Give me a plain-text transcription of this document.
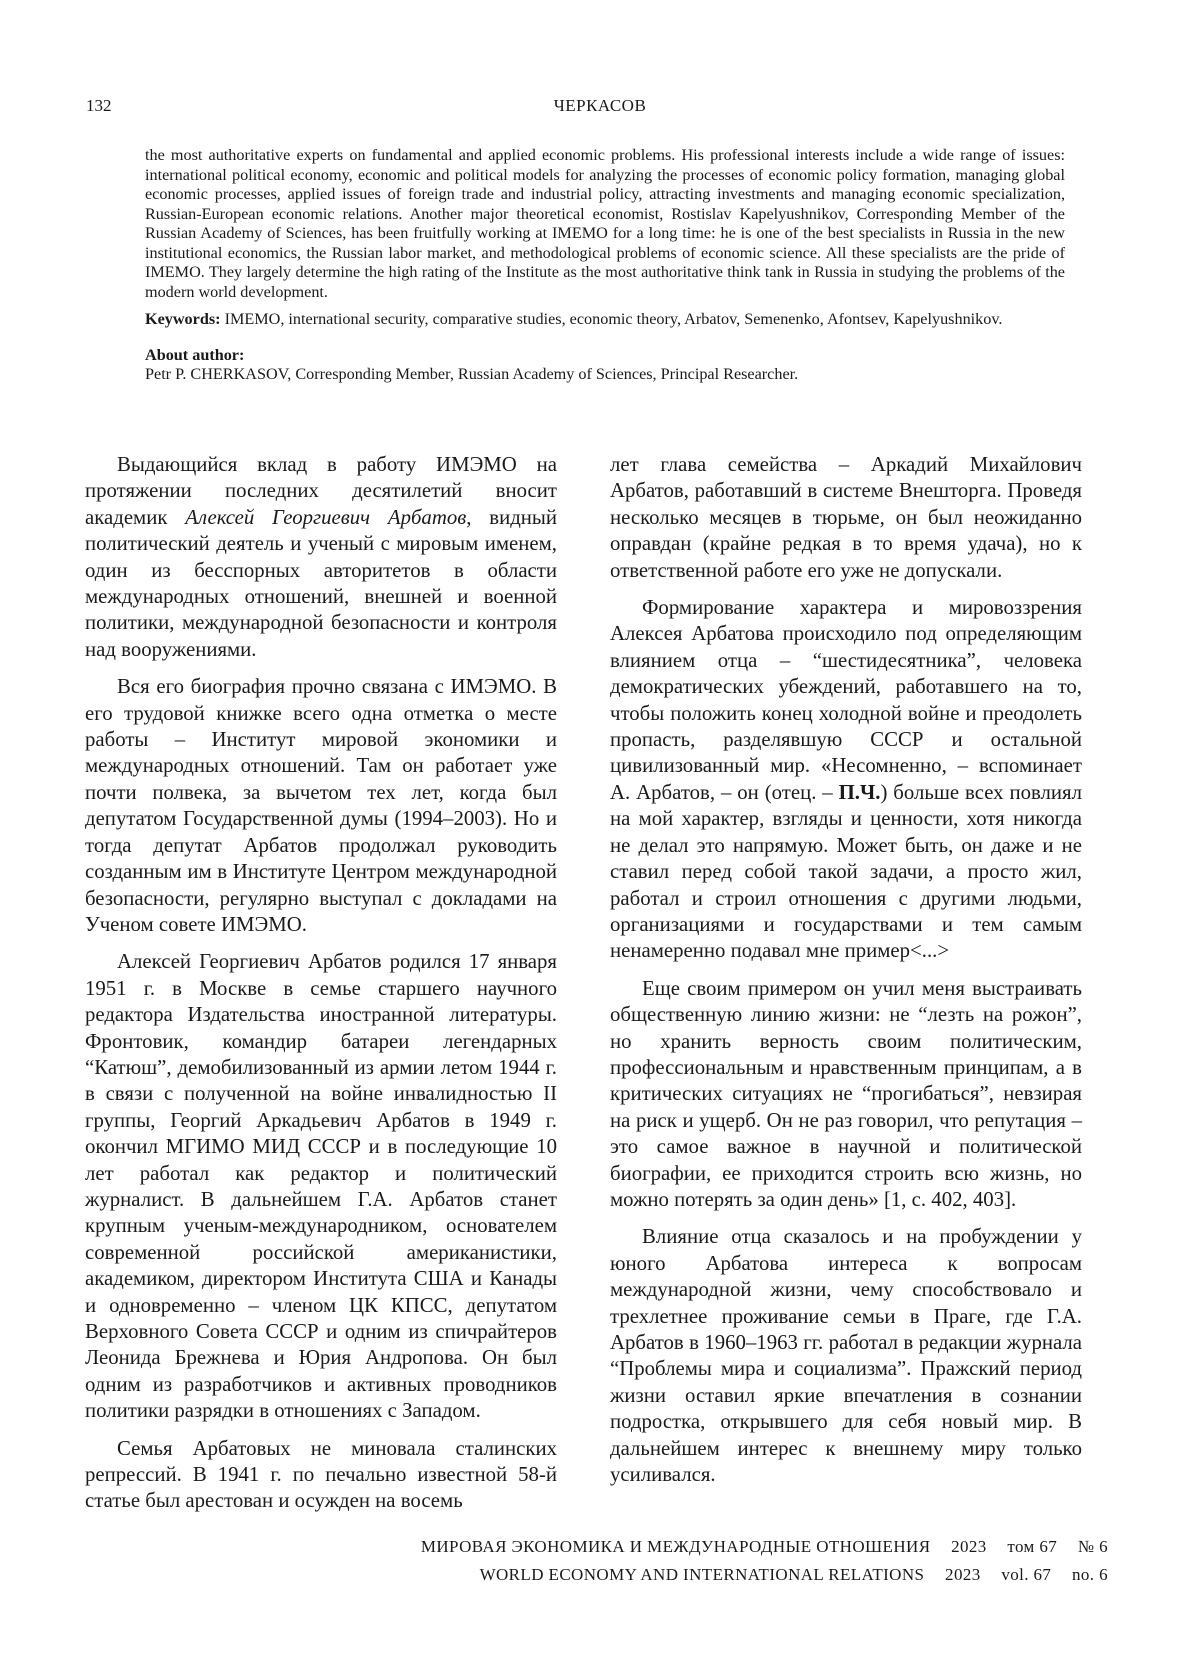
132	ЧЕРКАСОВ

the most authoritative experts on fundamental and applied economic problems. His professional interests include a wide range of issues: international political economy, economic and political models for analyzing the processes of economic policy formation, managing global economic processes, applied issues of foreign trade and industrial policy, attracting investments and managing economic specialization, Russian-European economic relations. Another major theoretical economist, Rostislav Kapelyushnikov, Corresponding Member of the Russian Academy of Sciences, has been fruitfully working at IMEMO for a long time: he is one of the best specialists in Russia in the new institutional economics, the Russian labor market, and methodological problems of economic science. All these specialists are the pride of IMEMO. They largely determine the high rating of the Institute as the most authoritative think tank in Russia in studying the problems of the modern world development.

Keywords: IMEMO, international security, comparative studies, economic theory, Arbatov, Semenenko, Afontsev, Kapelyushnikov.

About author:

Petr P. CHERKASOV, Corresponding Member, Russian Academy of Sciences, Principal Researcher.

Выдающийся вклад в работу ИМЭМО на протяжении последних десятилетий вносит академик Алексей Георгиевич Арбатов, видный политический деятель и ученый с мировым именем, один из бесспорных авторитетов в области международных отношений, внешней и военной политики, международной безопасности и контроля над вооружениями.

Вся его биография прочно связана с ИМЭМО. В его трудовой книжке всего одна отметка о месте работы – Институт мировой экономики и международных отношений. Там он работает уже почти полвека, за вычетом тех лет, когда был депутатом Государственной думы (1994–2003). Но и тогда депутат Арбатов продолжал руководить созданным им в Институте Центром международной безопасности, регулярно выступал с докладами на Ученом совете ИМЭМО.

Алексей Георгиевич Арбатов родился 17 января 1951 г. в Москве в семье старшего научного редактора Издательства иностранной литературы. Фронтовик, командир батареи легендарных “Катюш”, демобилизованный из армии летом 1944 г. в связи с полученной на войне инвалидностью II группы, Георгий Аркадьевич Арбатов в 1949 г. окончил МГИМО МИД СССР и в последующие 10 лет работал как редактор и политический журналист. В дальнейшем Г.А. Арбатов станет крупным ученым-международником, основателем современной российской американистики, академиком, директором Института США и Канады и одновременно – членом ЦК КПСС, депутатом Верховного Совета СССР и одним из спичрайтеров Леонида Брежнева и Юрия Андропова. Он был одним из разработчиков и активных проводников политики разрядки в отношениях с Западом.

Семья Арбатовых не миновала сталинских репрессий. В 1941 г. по печально известной 58-й статье был арестован и осужден на восемь

лет глава семейства – Аркадий Михайлович Арбатов, работавший в системе Внешторга. Проведя несколько месяцев в тюрьме, он был неожиданно оправдан (крайне редкая в то время удача), но к ответственной работе его уже не допускали.

Формирование характера и мировоззрения Алексея Арбатова происходило под определяющим влиянием отца – “шестидесятника”, человека демократических убеждений, работавшего на то, чтобы положить конец холодной войне и преодолеть пропасть, разделявшую СССР и остальной цивилизованный мир. «Несомненно, – вспоминает А. Арбатов, – он (отец. – П.Ч.) больше всех повлиял на мой характер, взгляды и ценности, хотя никогда не делал это напрямую. Может быть, он даже и не ставил перед собой такой задачи, а просто жил, работал и строил отношения с другими людьми, организациями и государствами и тем самым ненамеренно подавал мне пример<...>

Еще своим примером он учил меня выстраивать общественную линию жизни: не “лезть на рожон”, но хранить верность своим политическим, профессиональным и нравственным принципам, а в критических ситуациях не “прогибаться”, невзирая на риск и ущерб. Он не раз говорил, что репутация – это самое важное в научной и политической биографии, ее приходится строить всю жизнь, но можно потерять за один день» [1, с. 402, 403].

Влияние отца сказалось и на пробуждении у юного Арбатова интереса к вопросам международной жизни, чему способствовало и трехлетнее проживание семьи в Праге, где Г.А. Арбатов в 1960–1963 гг. работал в редакции журнала “Проблемы мира и социализма”. Пражский период жизни оставил яркие впечатления в сознании подростка, открывшего для себя новый мир. В дальнейшем интерес к внешнему миру только усиливался.

МИРОВАЯ ЭКОНОМИКА И МЕЖДУНАРОДНЫЕ ОТНОШЕНИЯ 2023 том 67 № 6
WORLD ECONOMY AND INTERNATIONAL RELATIONS 2023 vol. 67 no. 6
